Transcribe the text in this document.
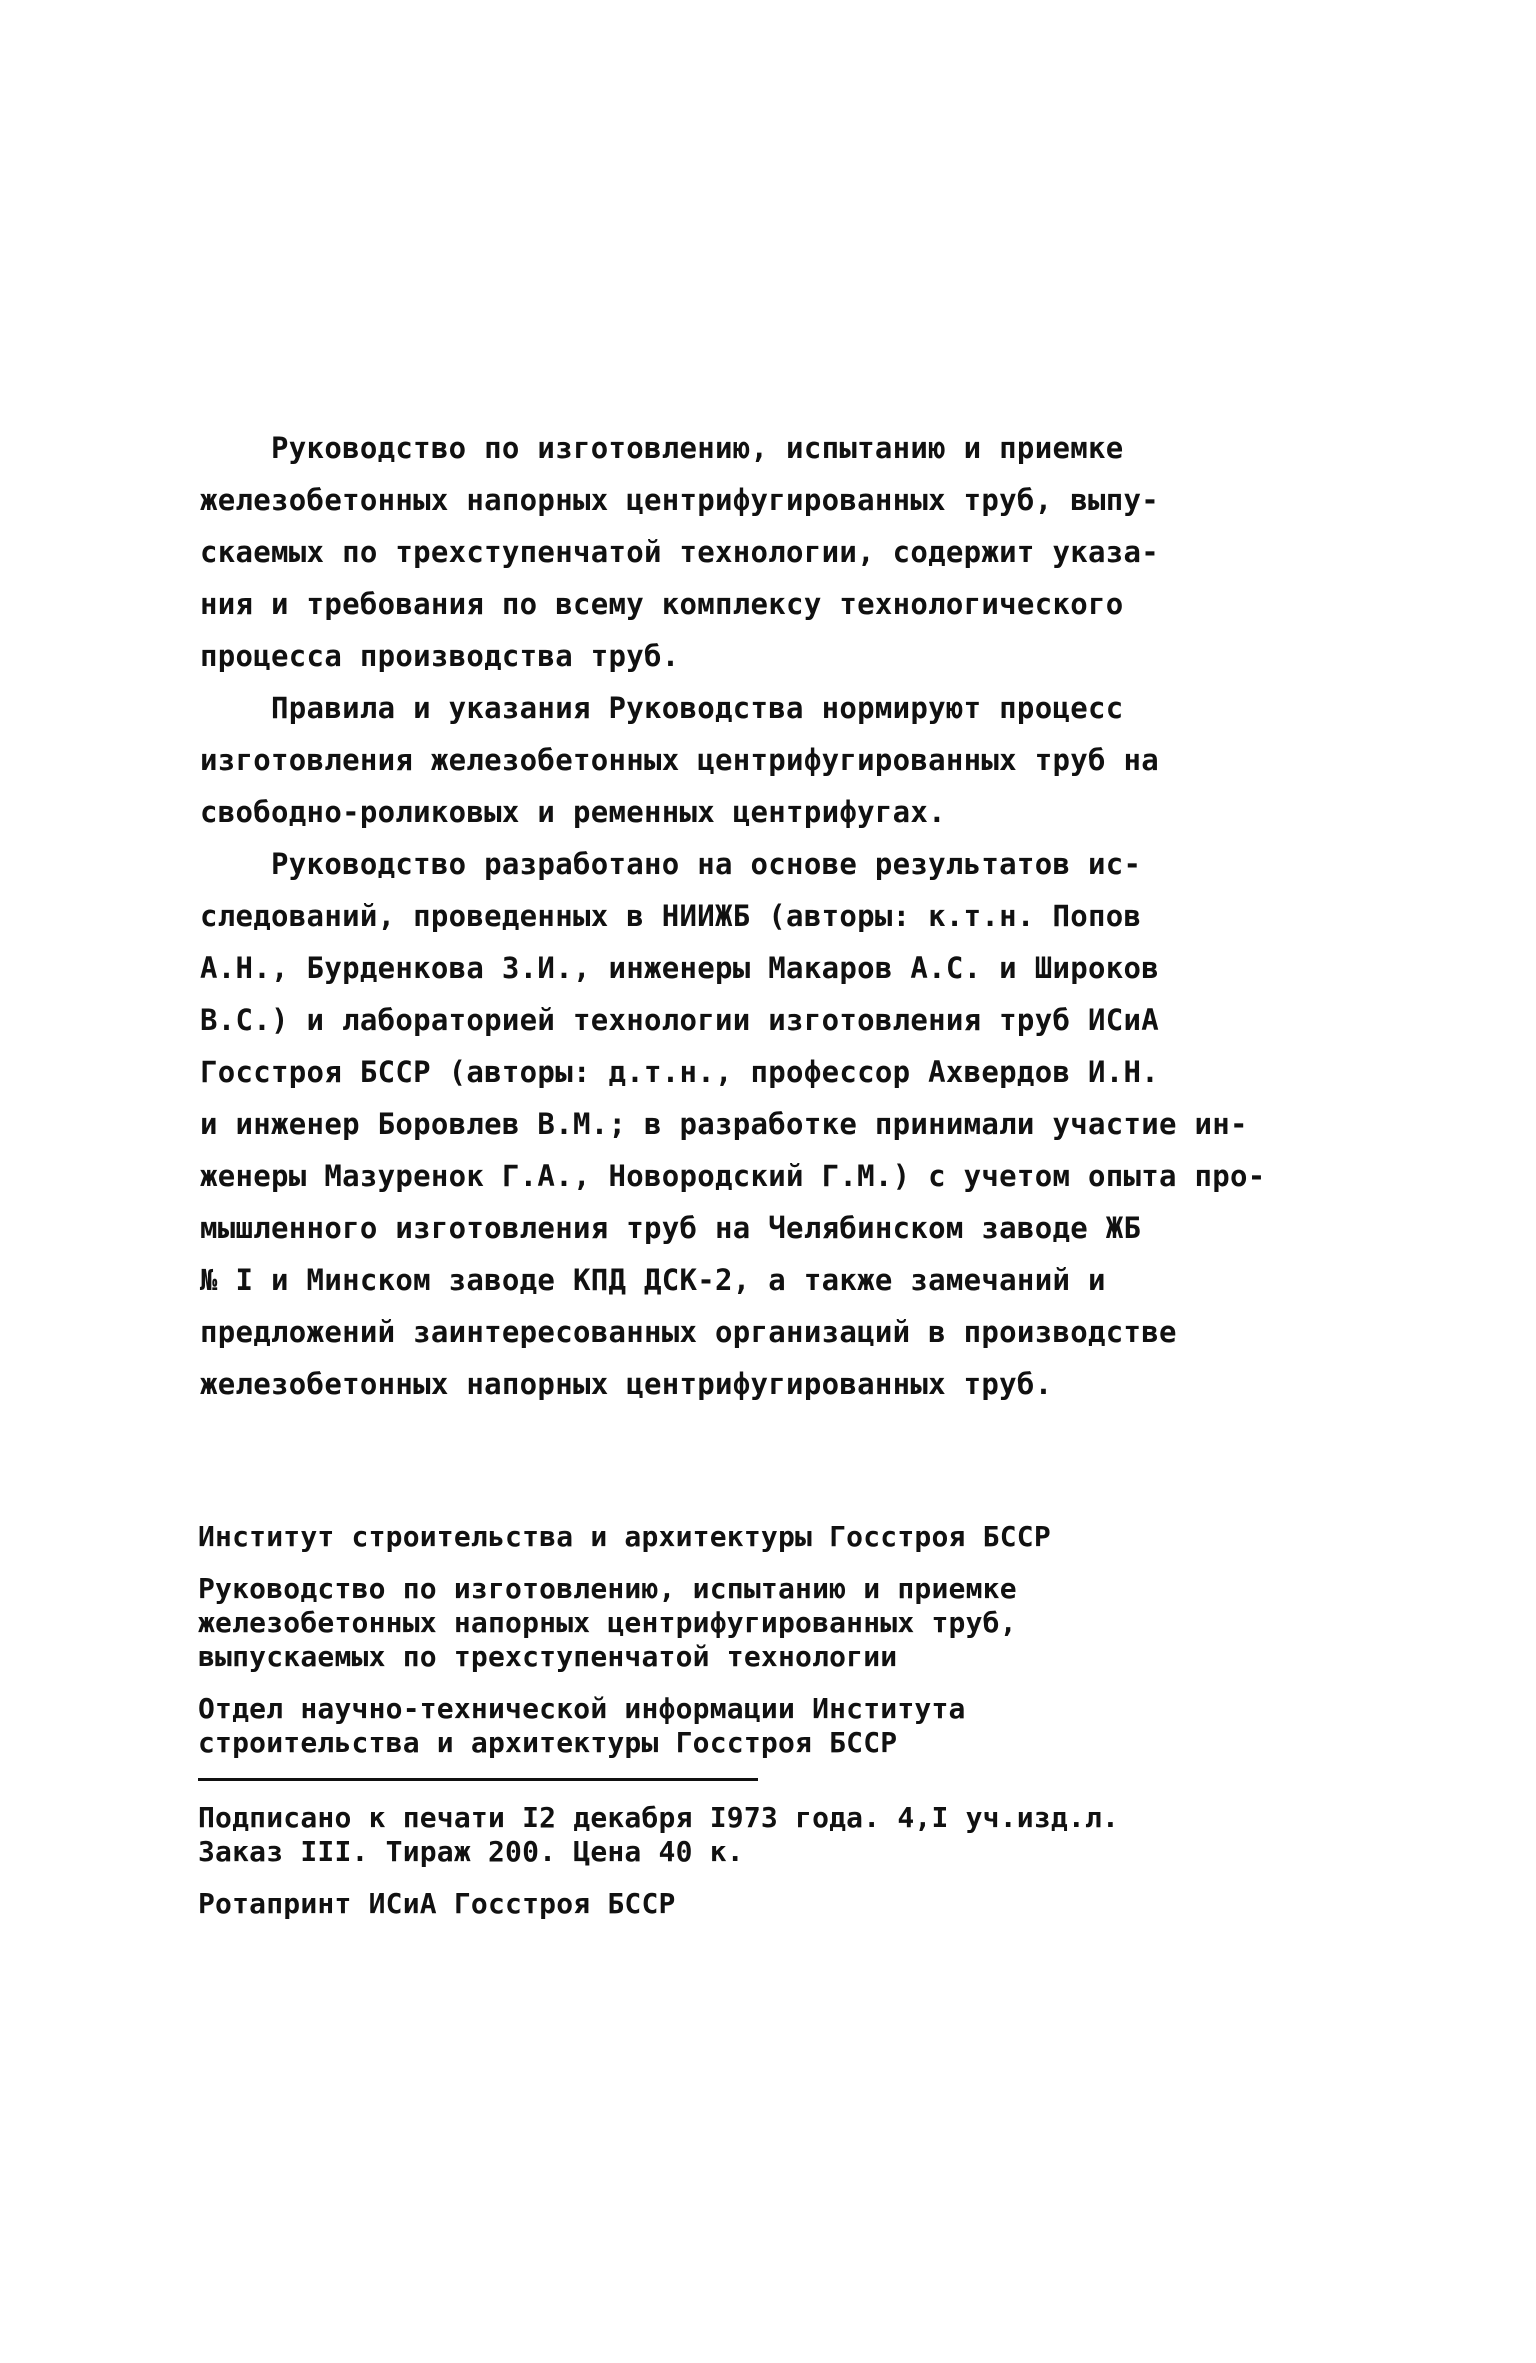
Руководство по изготовлению, испытанию и приемке
железобетонных напорных центрифугированных труб, выпу-
скаемых по трехступенчатой технологии, содержит указа-
ния и требования по всему комплексу технологического
процесса производства труб.
Правила и указания Руководства нормируют процесс
изготовления железобетонных центрифугированных труб на
свободно-роликовых и ременных центрифугах.
Руководство разработано на основе результатов ис-
следований, проведенных в НИИЖБ (авторы: к.т.н. Попов
А.Н., Бурденкова З.И., инженеры Макаров А.С. и Широков
В.С.) и лабораторией технологии изготовления труб ИСиА
Госстроя БССР (авторы: д.т.н., профессор Ахвердов И.Н.
и инженер Боровлев В.М.; в разработке принимали участие ин-
женеры Мазуренок Г.А., Новородский Г.М.) с учетом опыта про-
мышленного изготовления труб на Челябинском заводе ЖБ
№ I и Минском заводе КПД ДСК-2, а также замечаний и
предложений заинтересованных организаций в производстве
железобетонных напорных центрифугированных труб.
Институт строительства и архитектуры Госстроя БССР
Руководство по изготовлению, испытанию и приемке
железобетонных напорных центрифугированных труб,
выпускаемых по трехступенчатой технологии
Отдел научно-технической информации Института
строительства и архитектуры Госстроя БССР
Подписано к печати I2 декабря I973 года. 4,I уч.изд.л.
Заказ III. Тираж 200. Цена 40 к.
Ротапринт ИСиА Госстроя БССР
